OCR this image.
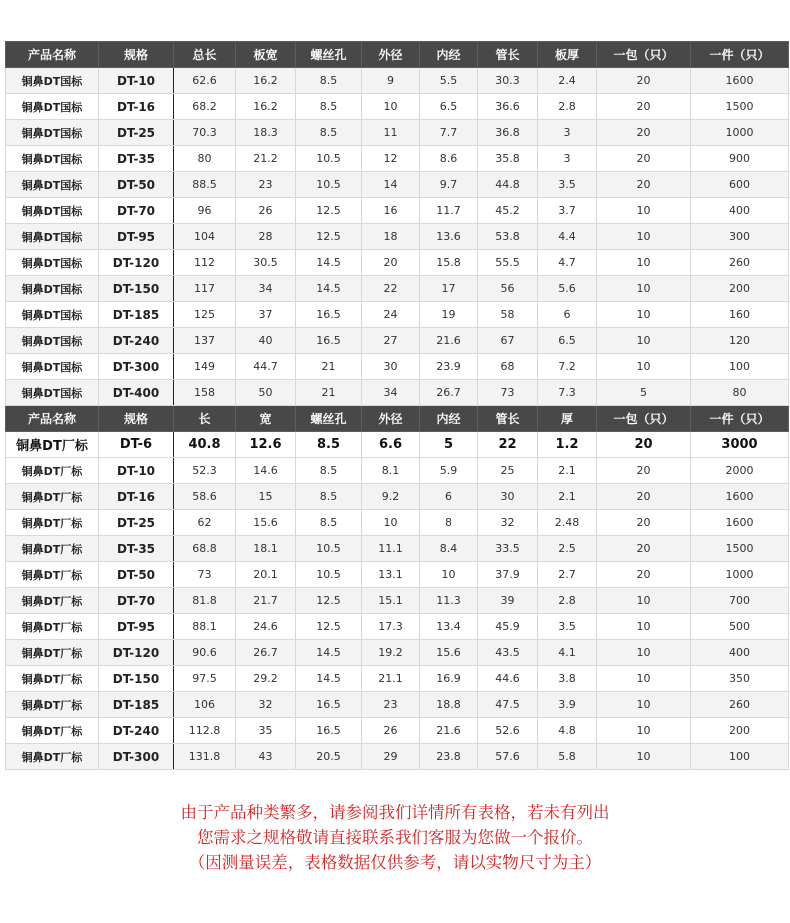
产品名称	规格	总长	板宽	螺丝孔	外径	内经	管长	板厚	一包（只）	一件（只）
铜鼻DT国标	DT-10	62.6	16.2	8.5	9	5.5	30.3	2.4	20	1600
铜鼻DT国标	DT-16	68.2	16.2	8.5	10	6.5	36.6	2.8	20	1500
铜鼻DT国标	DT-25	70.3	18.3	8.5	11	7.7	36.8	3	20	1000
铜鼻DT国标	DT-35	80	21.2	10.5	12	8.6	35.8	3	20	900
铜鼻DT国标	DT-50	88.5	23	10.5	14	9.7	44.8	3.5	20	600
铜鼻DT国标	DT-70	96	26	12.5	16	11.7	45.2	3.7	10	400
铜鼻DT国标	DT-95	104	28	12.5	18	13.6	53.8	4.4	10	300
铜鼻DT国标	DT-120	112	30.5	14.5	20	15.8	55.5	4.7	10	260
铜鼻DT国标	DT-150	117	34	14.5	22	17	56	5.6	10	200
铜鼻DT国标	DT-185	125	37	16.5	24	19	58	6	10	160
铜鼻DT国标	DT-240	137	40	16.5	27	21.6	67	6.5	10	120
铜鼻DT国标	DT-300	149	44.7	21	30	23.9	68	7.2	10	100
铜鼻DT国标	DT-400	158	50	21	34	26.7	73	7.3	5	80
产品名称	规格	长	宽	螺丝孔	外径	内经	管长	厚	一包（只）	一件（只）
铜鼻DT厂标	DT-6	40.8	12.6	8.5	6.6	5	22	1.2	20	3000
铜鼻DT厂标	DT-10	52.3	14.6	8.5	8.1	5.9	25	2.1	20	2000
铜鼻DT厂标	DT-16	58.6	15	8.5	9.2	6	30	2.1	20	1600
铜鼻DT厂标	DT-25	62	15.6	8.5	10	8	32	2.48	20	1600
铜鼻DT厂标	DT-35	68.8	18.1	10.5	11.1	8.4	33.5	2.5	20	1500
铜鼻DT厂标	DT-50	73	20.1	10.5	13.1	10	37.9	2.7	20	1000
铜鼻DT厂标	DT-70	81.8	21.7	12.5	15.1	11.3	39	2.8	10	700
铜鼻DT厂标	DT-95	88.1	24.6	12.5	17.3	13.4	45.9	3.5	10	500
铜鼻DT厂标	DT-120	90.6	26.7	14.5	19.2	15.6	43.5	4.1	10	400
铜鼻DT厂标	DT-150	97.5	29.2	14.5	21.1	16.9	44.6	3.8	10	350
铜鼻DT厂标	DT-185	106	32	16.5	23	18.8	47.5	3.9	10	260
铜鼻DT厂标	DT-240	112.8	35	16.5	26	21.6	52.6	4.8	10	200
铜鼻DT厂标	DT-300	131.8	43	20.5	29	23.8	57.6	5.8	10	100
由于产品种类繁多，请参阅我们详情所有表格，若未有列出
您需求之规格敬请直接联系我们客服为您做一个报价。
（因测量误差，表格数据仅供参考，请以实物尺寸为主）
